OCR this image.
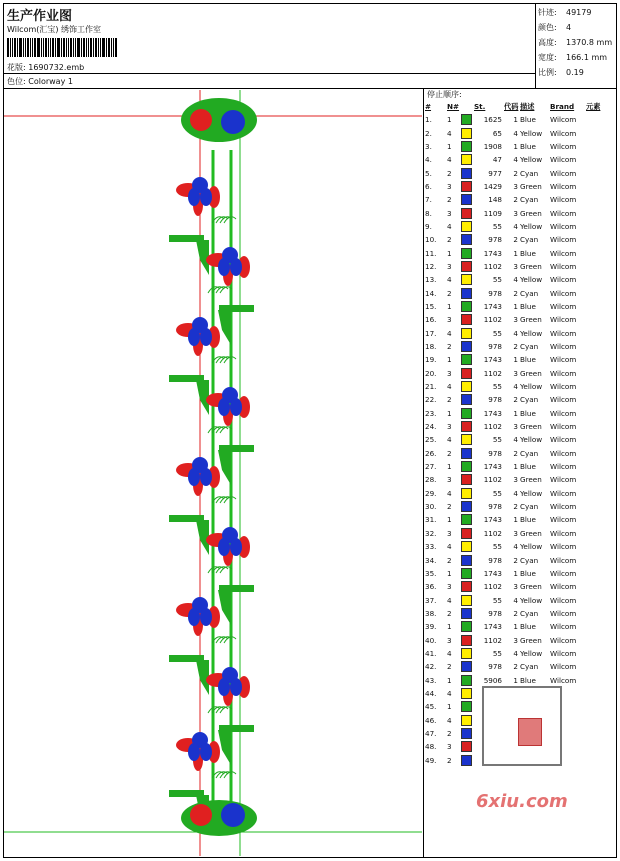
生产作业图
Wilcom(汇宝) 绣饰工作室
花版: 1690732.emb
色位: Colorway 1
针迹:	49179
颜色:	4
高度:	1370.8 mm
宽度:	166.1 mm
比例:	0.19
停止顺序:
#	N#		St.	代码	描述	Brand	元素
1.	1		1625	1	Blue	Wilcom	
2.	4		65	4	Yellow	Wilcom	
3.	1		1908	1	Blue	Wilcom	
4.	4		47	4	Yellow	Wilcom	
5.	2		977	2	Cyan	Wilcom	
6.	3		1429	3	Green	Wilcom	
7.	2		148	2	Cyan	Wilcom	
8.	3		1109	3	Green	Wilcom	
9.	4		55	4	Yellow	Wilcom	
10.	2		978	2	Cyan	Wilcom	
11.	1		1743	1	Blue	Wilcom	
12.	3		1102	3	Green	Wilcom	
13.	4		55	4	Yellow	Wilcom	
14.	2		978	2	Cyan	Wilcom	
15.	1		1743	1	Blue	Wilcom	
16.	3		1102	3	Green	Wilcom	
17.	4		55	4	Yellow	Wilcom	
18.	2		978	2	Cyan	Wilcom	
19.	1		1743	1	Blue	Wilcom	
20.	3		1102	3	Green	Wilcom	
21.	4		55	4	Yellow	Wilcom	
22.	2		978	2	Cyan	Wilcom	
23.	1		1743	1	Blue	Wilcom	
24.	3		1102	3	Green	Wilcom	
25.	4		55	4	Yellow	Wilcom	
26.	2		978	2	Cyan	Wilcom	
27.	1		1743	1	Blue	Wilcom	
28.	3		1102	3	Green	Wilcom	
29.	4		55	4	Yellow	Wilcom	
30.	2		978	2	Cyan	Wilcom	
31.	1		1743	1	Blue	Wilcom	
32.	3		1102	3	Green	Wilcom	
33.	4		55	4	Yellow	Wilcom	
34.	2		978	2	Cyan	Wilcom	
35.	1		1743	1	Blue	Wilcom	
36.	3		1102	3	Green	Wilcom	
37.	4		55	4	Yellow	Wilcom	
38.	2		978	2	Cyan	Wilcom	
39.	1		1743	1	Blue	Wilcom	
40.	3		1102	3	Green	Wilcom	
41.	4		55	4	Yellow	Wilcom	
42.	2		978	2	Cyan	Wilcom	
43.	1		5906	1	Blue	Wilcom	
44.	4						
45.	1						
46.	4						
47.	2						
48.	3						
49.	2						
6xiu.com
